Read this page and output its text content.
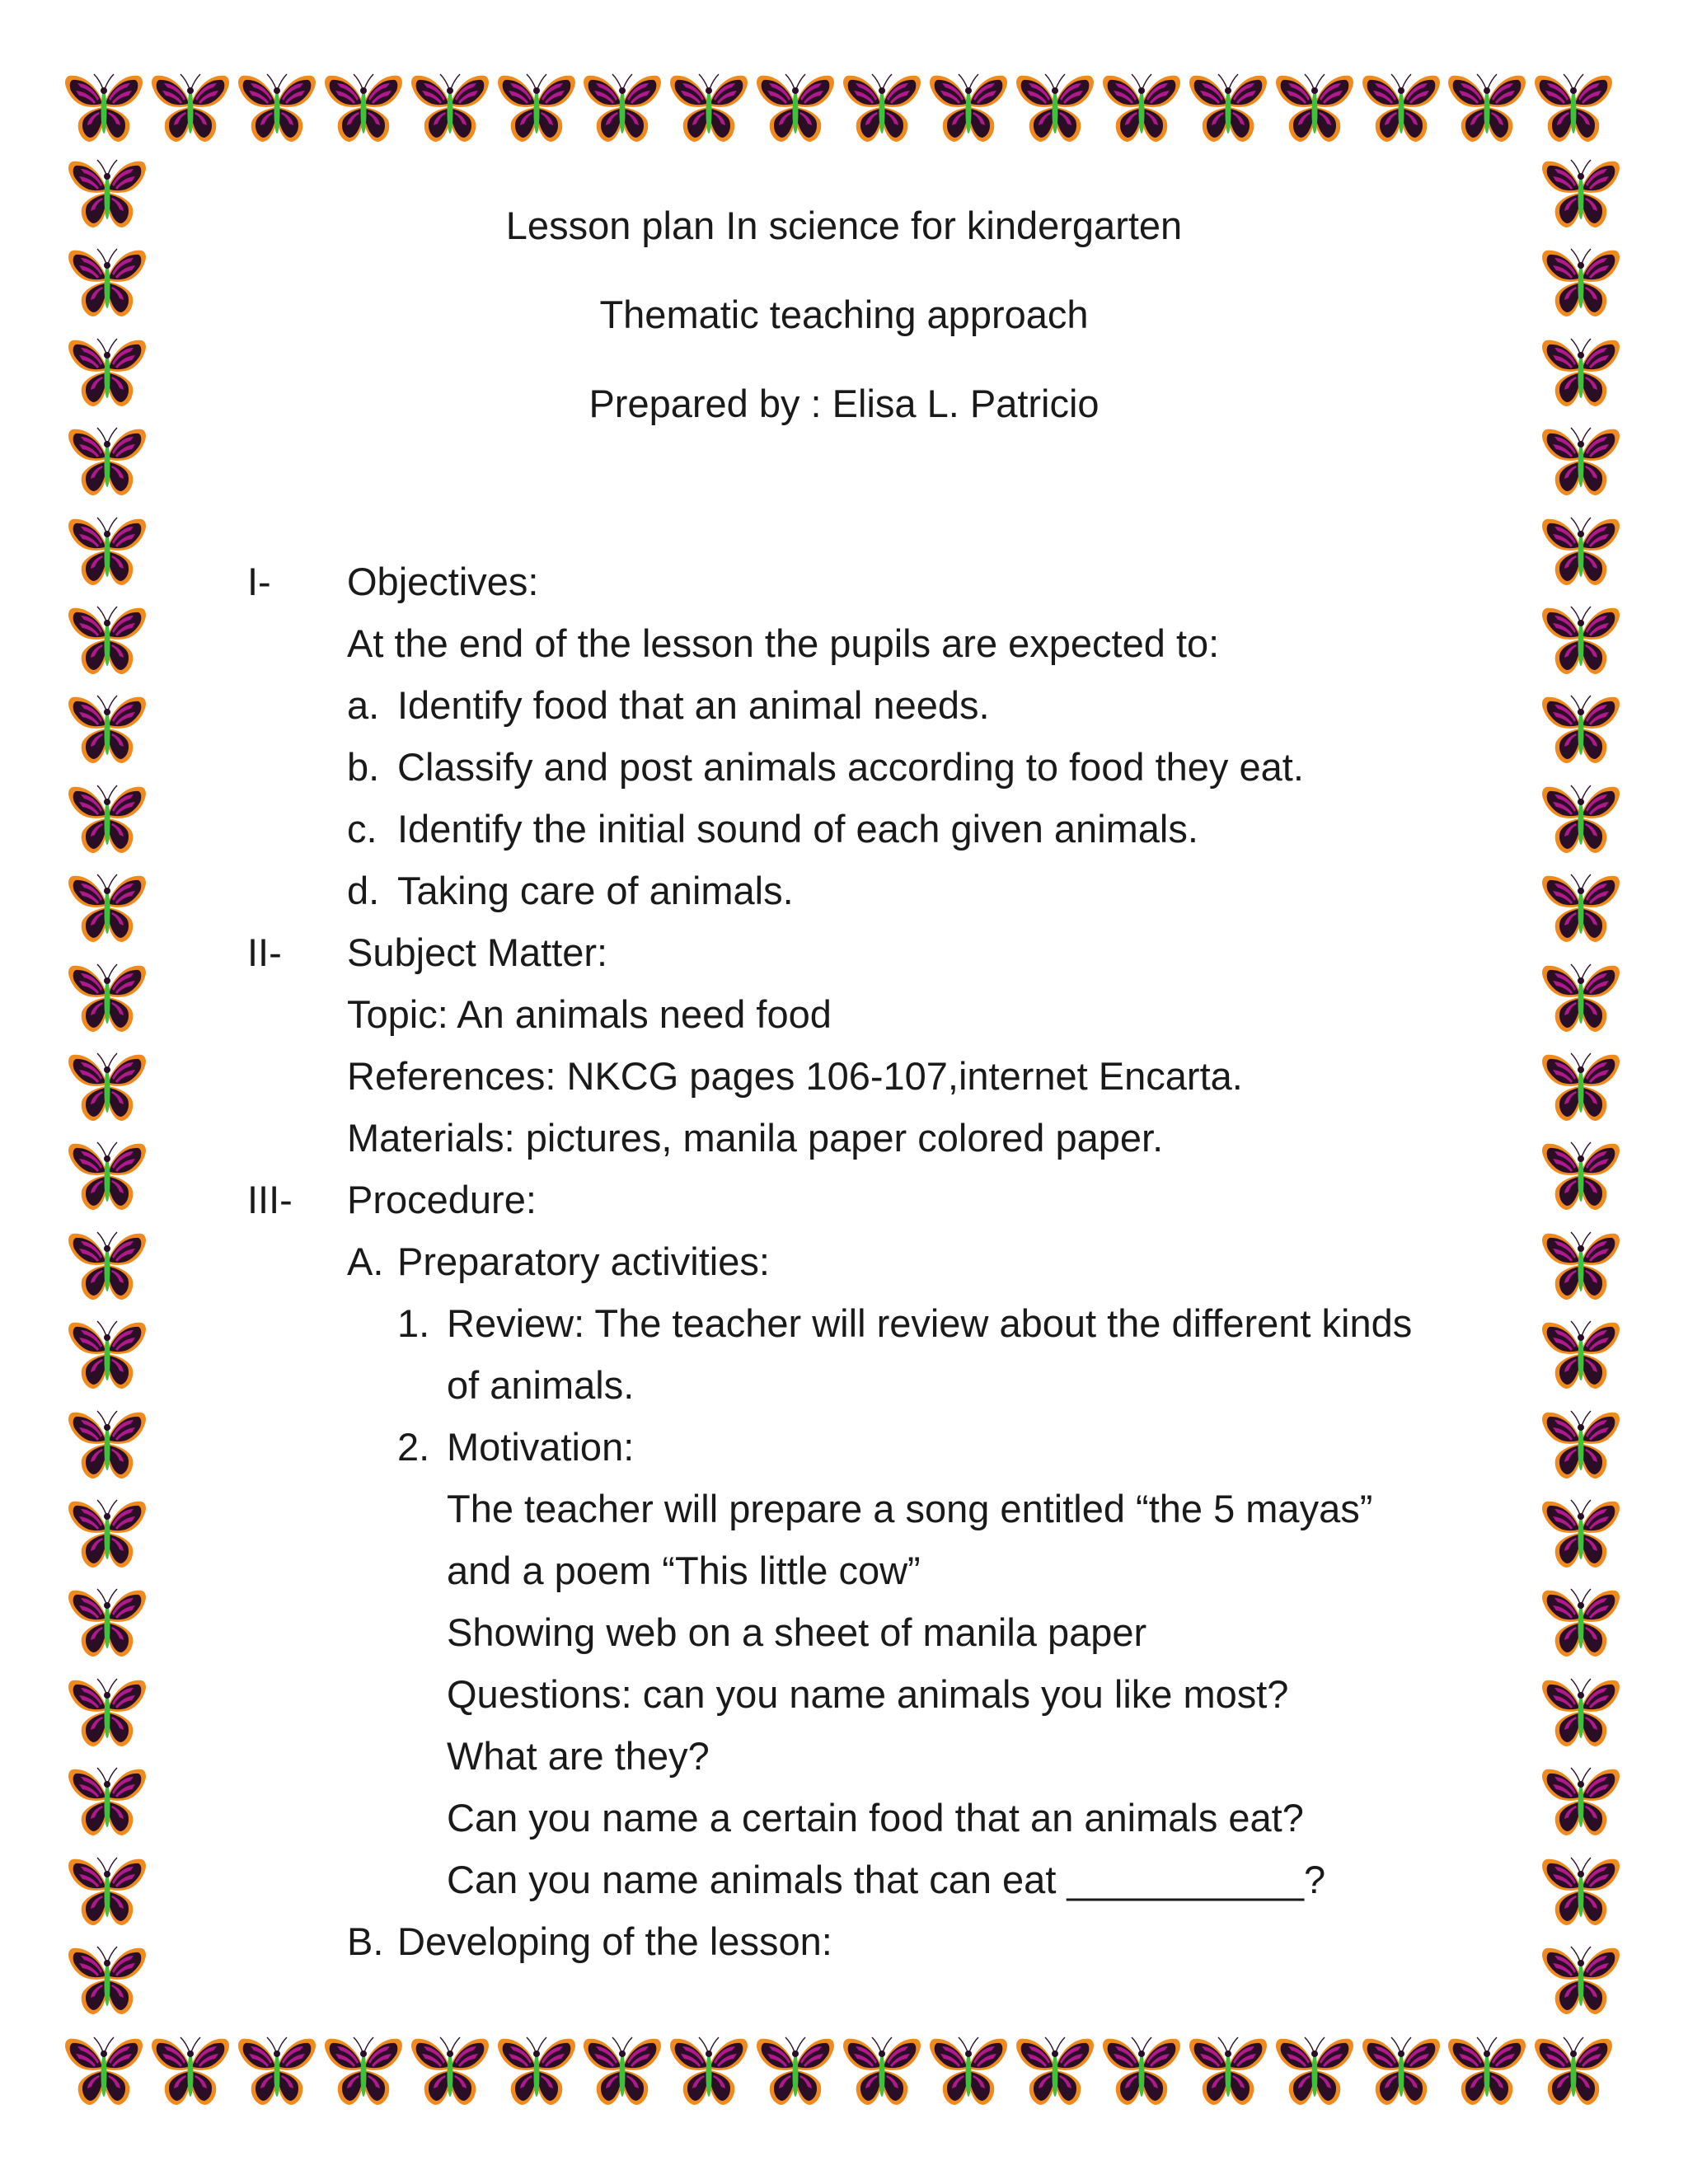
Lesson plan In science for kindergarten
Thematic teaching approach
Prepared by : Elisa L. Patricio
I- Objectives:
At the end of the lesson the pupils are expected to:
a. Identify food that an animal needs.
b. Classify and post animals according to food they eat.
c. Identify the initial sound of each given animals.
d. Taking care of animals.
II- Subject Matter:
Topic: An animals need food
References: NKCG pages 106-107,internet Encarta.
Materials: pictures, manila paper colored paper.
III- Procedure:
A. Preparatory activities:
1. Review: The teacher will review about the different kinds
of animals.
2. Motivation:
The teacher will prepare a song entitled “the 5 mayas”
and a poem “This little cow”
Showing web on a sheet of manila paper
Questions: can you name animals you like most?
What are they?
Can you name a certain food that an animals eat?
Can you name animals that can eat ___________?
B. Developing of the lesson:
